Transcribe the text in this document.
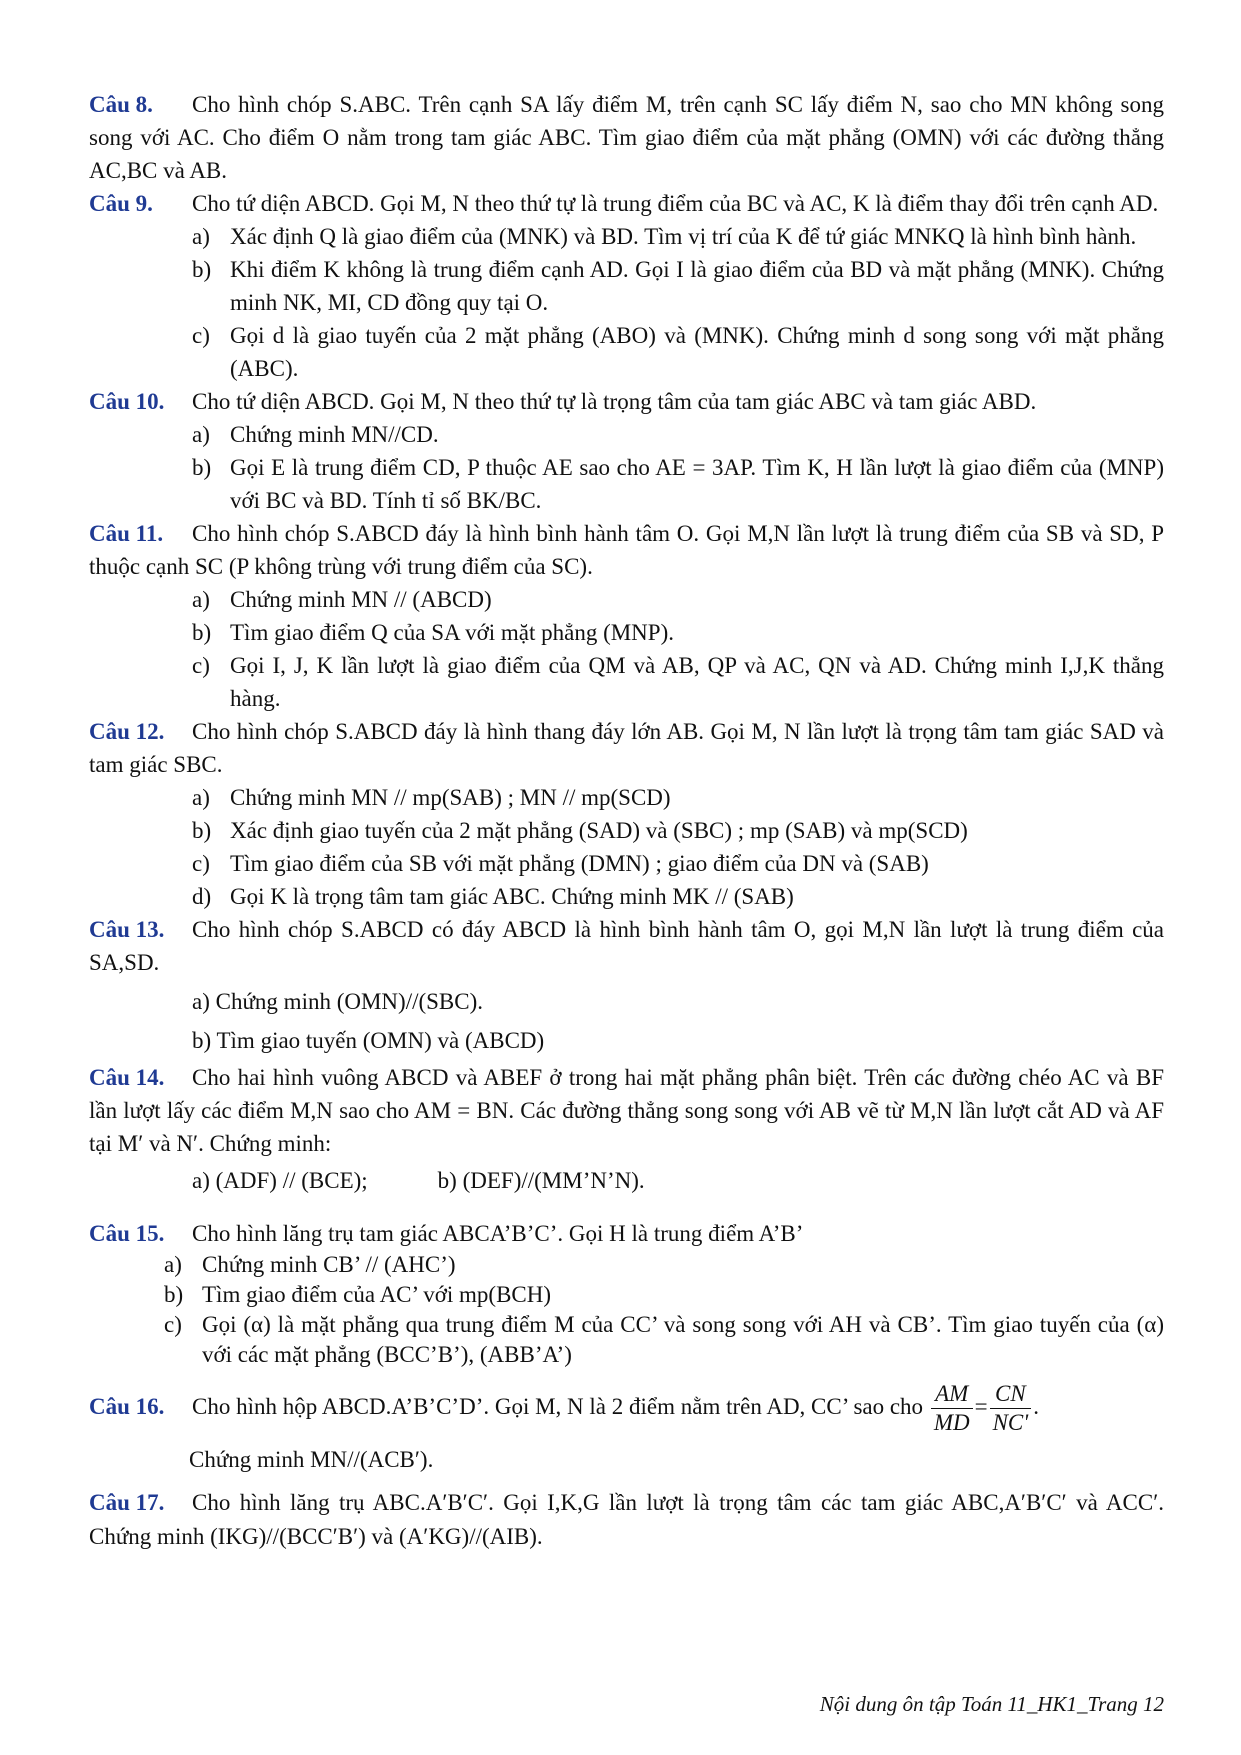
Câu 8. Cho hình chóp S.ABC. Trên cạnh SA lấy điểm M, trên cạnh SC lấy điểm N, sao cho MN không song song với AC. Cho điểm O nằm trong tam giác ABC. Tìm giao điểm của mặt phẳng (OMN) với các đường thẳng AC,BC và AB.

Câu 9. Cho tứ diện ABCD. Gọi M, N theo thứ tự là trung điểm của BC và AC, K là điểm thay đổi trên cạnh AD.

a) Xác định Q là giao điểm của (MNK) và BD. Tìm vị trí của K để tứ giác MNKQ là hình bình hành.
b) Khi điểm K không là trung điểm cạnh AD. Gọi I là giao điểm của BD và mặt phẳng (MNK). Chứng minh NK, MI, CD đồng quy tại O.
c) Gọi d là giao tuyến của 2 mặt phẳng (ABO) và (MNK). Chứng minh d song song với mặt phẳng (ABC).

Câu 10. Cho tứ diện ABCD. Gọi M, N theo thứ tự là trọng tâm của tam giác ABC và tam giác ABD.

a) Chứng minh MN//CD.
b) Gọi E là trung điểm CD, P thuộc AE sao cho AE = 3AP. Tìm K, H lần lượt là giao điểm của (MNP) với BC và BD. Tính tỉ số BK/BC.

Câu 11. Cho hình chóp S.ABCD đáy là hình bình hành tâm O. Gọi M,N lần lượt là trung điểm của SB và SD, P thuộc cạnh SC (P không trùng với trung điểm của SC).

a) Chứng minh MN // (ABCD)
b) Tìm giao điểm Q của SA với mặt phẳng (MNP).
c) Gọi I, J, K lần lượt là giao điểm của QM và AB, QP và AC, QN và AD. Chứng minh I,J,K thẳng hàng.

Câu 12. Cho hình chóp S.ABCD đáy là hình thang đáy lớn AB. Gọi M, N lần lượt là trọng tâm tam giác SAD và tam giác SBC.

a) Chứng minh MN // mp(SAB) ; MN // mp(SCD)
b) Xác định giao tuyến của 2 mặt phẳng (SAD) và (SBC) ; mp (SAB) và mp(SCD)
c) Tìm giao điểm của SB với mặt phẳng (DMN) ; giao điểm của DN và (SAB)
d) Gọi K là trọng tâm tam giác ABC. Chứng minh MK // (SAB)

Câu 13. Cho hình chóp S.ABCD có đáy ABCD là hình bình hành tâm O, gọi M,N lần lượt là trung điểm của SA,SD.

a) Chứng minh (OMN)//(SBC).

b) Tìm giao tuyến (OMN) và (ABCD)

Câu 14. Cho hai hình vuông ABCD và ABEF ở trong hai mặt phẳng phân biệt. Trên các đường chéo AC và BF lần lượt lấy các điểm M,N sao cho AM = BN. Các đường thẳng song song với AB vẽ từ M,N lần lượt cắt AD và AF tại M′ và N′. Chứng minh:

a) (ADF) // (BCE);	b) (DEF)//(MM’N’N).

Câu 15. Cho hình lăng trụ tam giác ABCA’B’C’. Gọi H là trung điểm A’B’

a) Chứng minh CB’ // (AHC’)
b) Tìm giao điểm của AC’ với mp(BCH)
c) Gọi (α) là mặt phẳng qua trung điểm M của CC’ và song song với AH và CB’. Tìm giao tuyến của (α) với các mặt phẳng (BCC’B’), (ABB’A’)

Câu 16. Cho hình hộp ABCD.A’B’C’D’. Gọi M, N là 2 điểm nằm trên AD, CC’ sao cho $\frac{AM}{MD} = \frac{CN}{NC'}$ .

Chứng minh MN//(ACB′).

Câu 17. Cho hình lăng trụ ABC.A′B′C′. Gọi I,K,G lần lượt là trọng tâm các tam giác ABC,A′B′C′ và ACC′. Chứng minh (IKG)//(BCC′B′) và (A′KG)//(AIB).

Nội dung ôn tập Toán 11_HK1_Trang 12
